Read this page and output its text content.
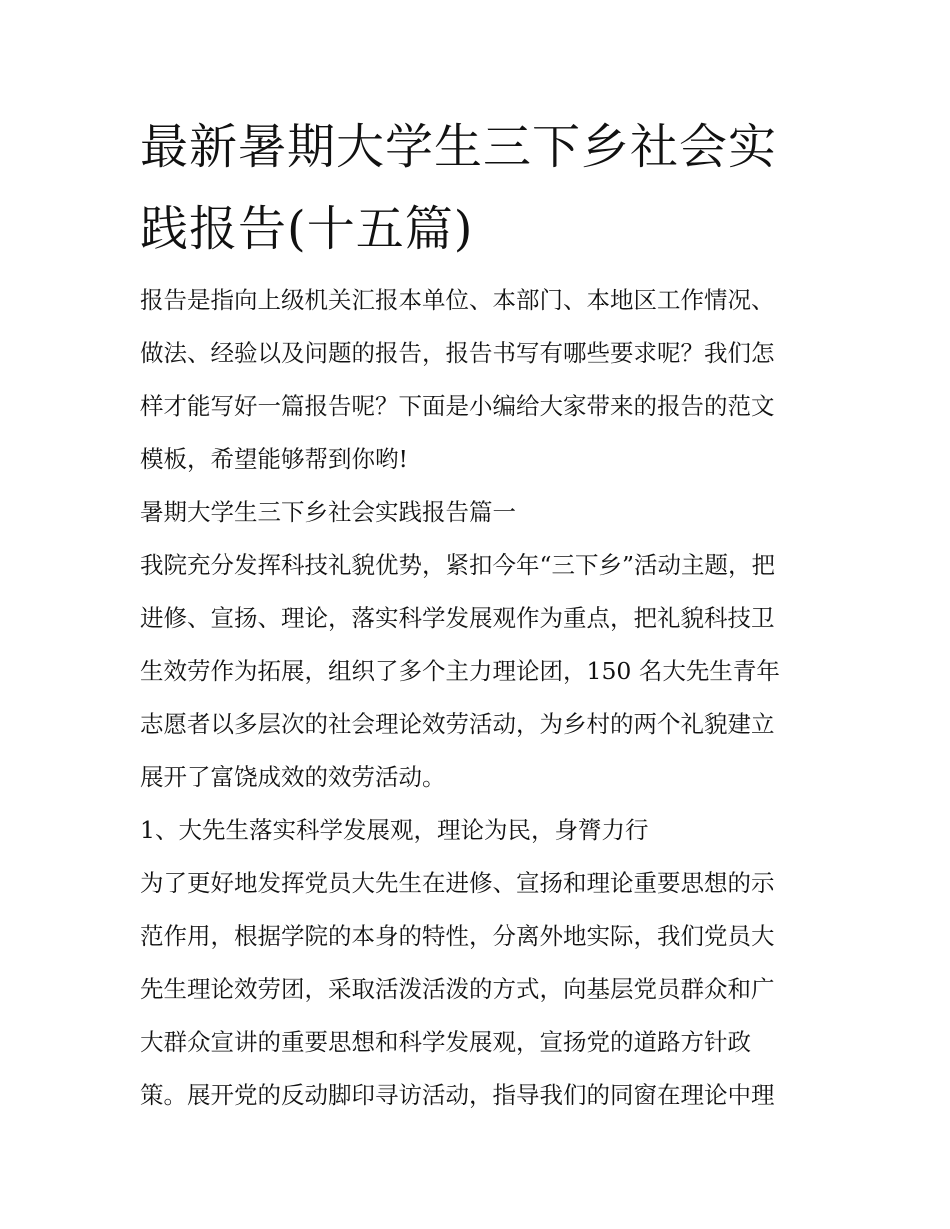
最新暑期大学生三下乡社会实
践报告(十五篇)

报告是指向上级机关汇报本单位、本部门、本地区工作情况、
做法、经验以及问题的报告，报告书写有哪些要求呢？我们怎
样才能写好一篇报告呢？下面是小编给大家带来的报告的范文
模板，希望能够帮到你哟!

暑期大学生三下乡社会实践报告篇一

我院充分发挥科技礼貌优势，紧扣今年“三下乡”活动主题，把
进修、宣扬、理论，落实科学发展观作为重点，把礼貌科技卫
生效劳作为拓展，组织了多个主力理论团，150 名大先生青年
志愿者以多层次的社会理论效劳活动，为乡村的两个礼貌建立
展开了富饶成效的效劳活动。

1、大先生落实科学发展观，理论为民，身膂力行

为了更好地发挥党员大先生在进修、宣扬和理论重要思想的示
范作用，根据学院的本身的特性，分离外地实际，我们党员大
先生理论效劳团，采取活泼活泼的方式，向基层党员群众和广
大群众宣讲的重要思想和科学发展观，宣扬党的道路方针政
策。展开党的反动脚印寻访活动，指导我们的同窗在理论中理
